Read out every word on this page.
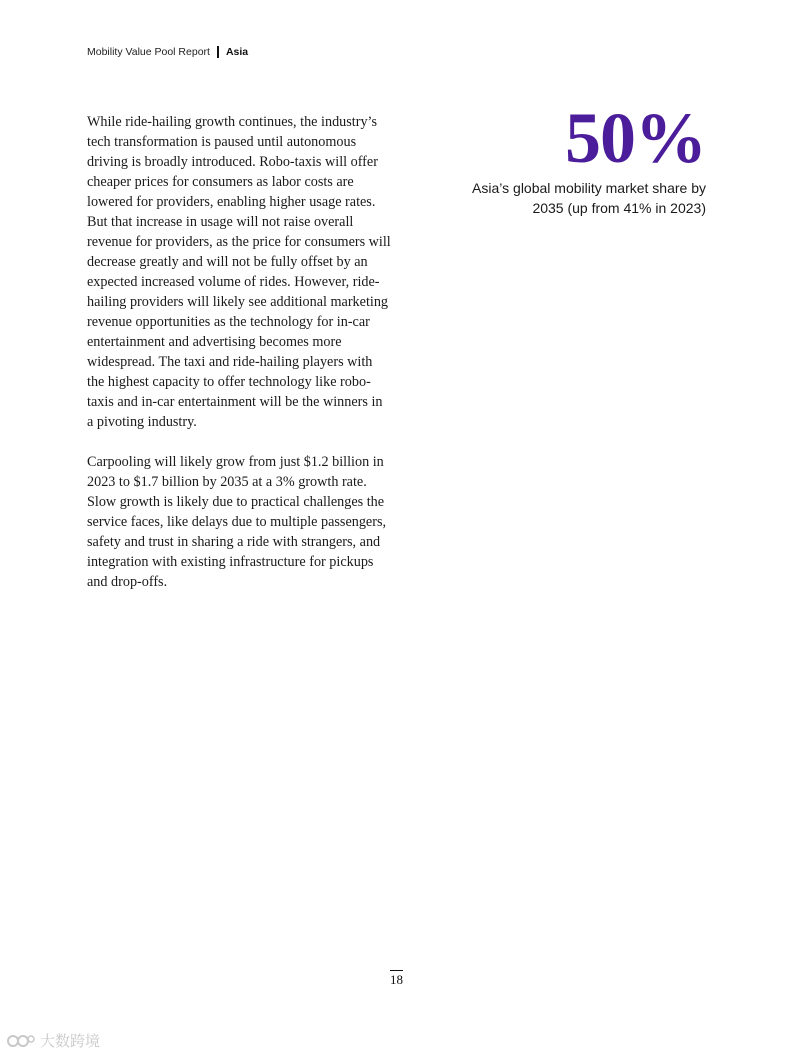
Mobility Value Pool Report Asia

While ride-hailing growth continues, the industry’s tech transformation is paused until autonomous driving is broadly introduced. Robo-taxis will offer cheaper prices for consumers as labor costs are lowered for providers, enabling higher usage rates. But that increase in usage will not raise overall revenue for providers, as the price for consumers will decrease greatly and will not be fully offset by an expected increased volume of rides. However, ride-hailing providers will likely see additional marketing revenue opportunities as the technology for in-car entertainment and advertising becomes more widespread. The taxi and ride-hailing players with the highest capacity to offer technology like robo-taxis and in-car entertainment will be the winners in a pivoting industry.

Carpooling will likely grow from just $1.2 billion in 2023 to $1.7 billion by 2035 at a 3% growth rate. Slow growth is likely due to practical challenges the service faces, like delays due to multiple passengers, safety and trust in sharing a ride with strangers, and integration with existing infrastructure for pickups and drop-offs.

50%
Asia’s global mobility market share by 2035 (up from 41% in 2023)
18
大数跨境
